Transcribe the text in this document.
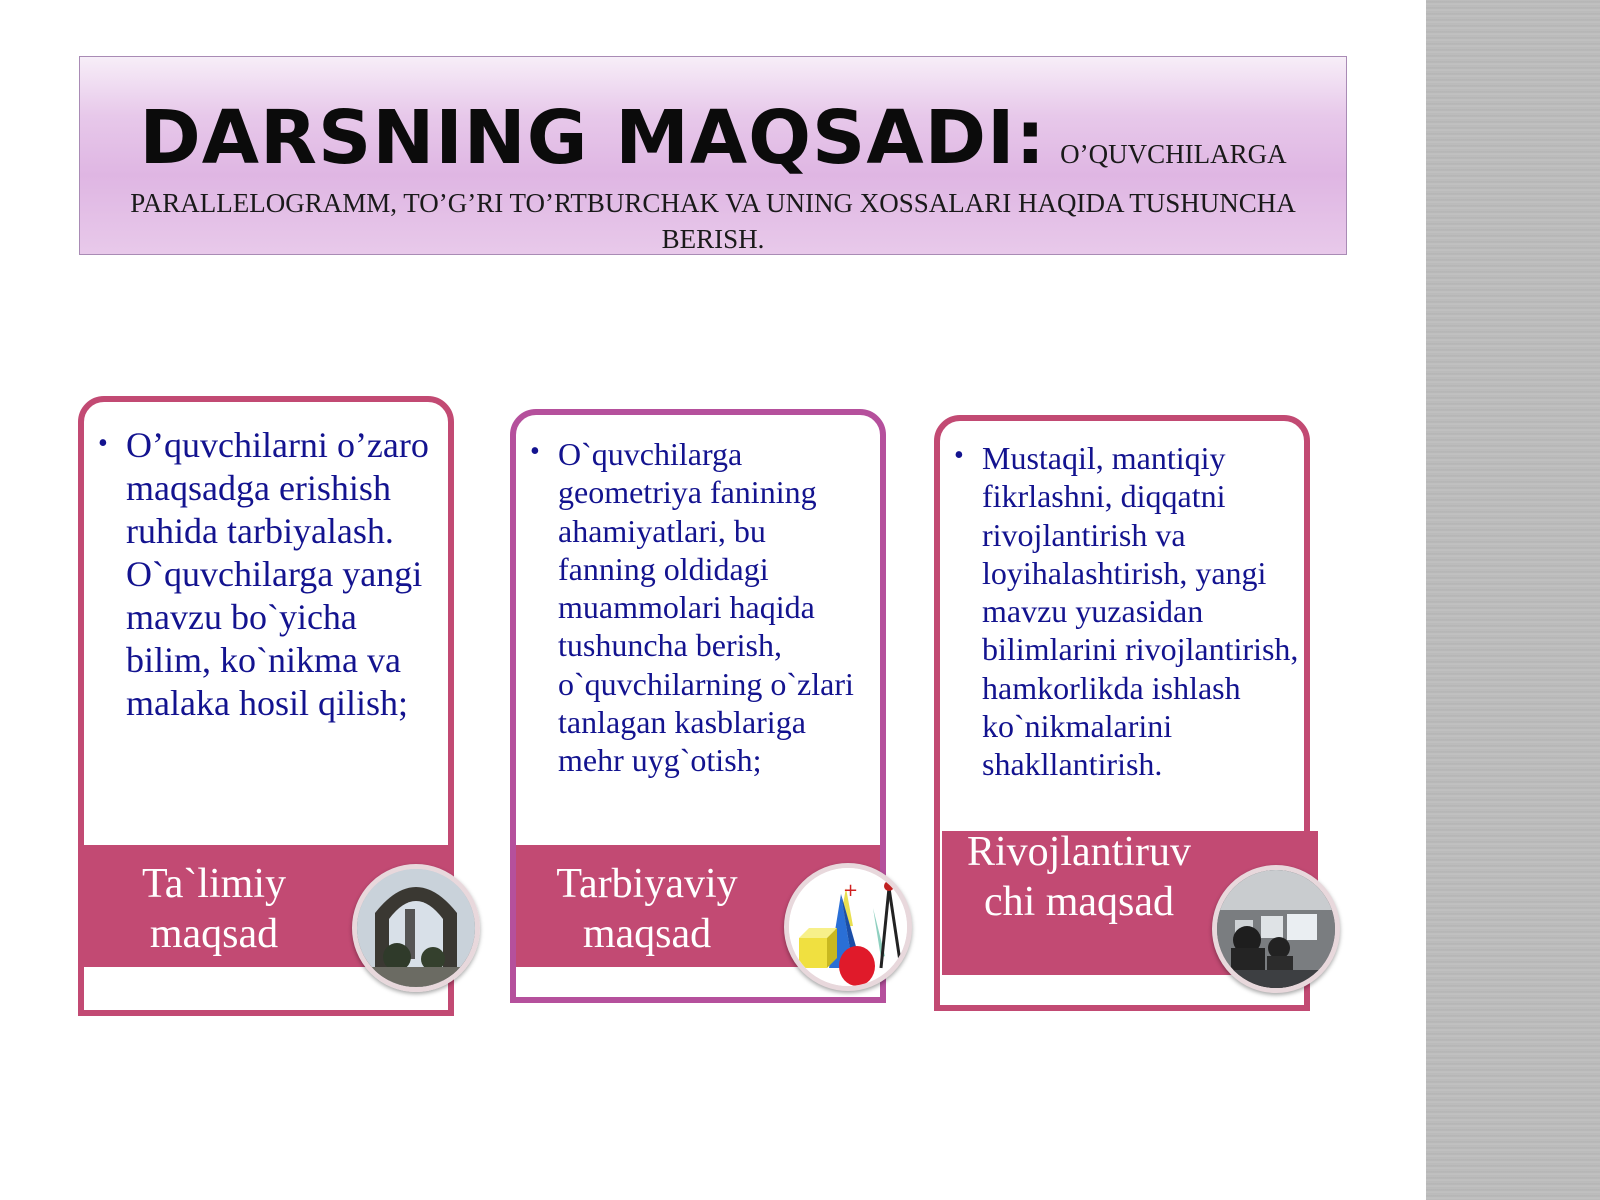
DARSNING MAQSADI: O’QUVCHILARGA
PARALLELOGRAMM, TO’G’RI TO’RTBURCHAK VA UNING XOSSALARI HAQIDA TUSHUNCHA BERISH.
• O’quvchilarni o’zaro maqsadga erishish ruhida tarbiyalash. O`quvchilarga yangi mavzu bo`yicha bilim, ko`nikma va malaka hosil qilish;
Ta`limiy maqsad
• O`quvchilarga geometriya fanining ahamiyatlari, bu fanning oldidagi muammolari haqida tushuncha berish, o`quvchilarning o`zlari tanlagan kasblariga mehr uyg`otish;
Tarbiyaviy maqsad
+
• Mustaqil, mantiqiy fikrlashni, diqqatni rivojlantirish va loyihalashtirish, yangi mavzu yuzasidan bilimlarini rivojlantirish, hamkorlikda ishlash ko`nikmalarini shakllantirish.
Rivojlantiruvchi maqsad
